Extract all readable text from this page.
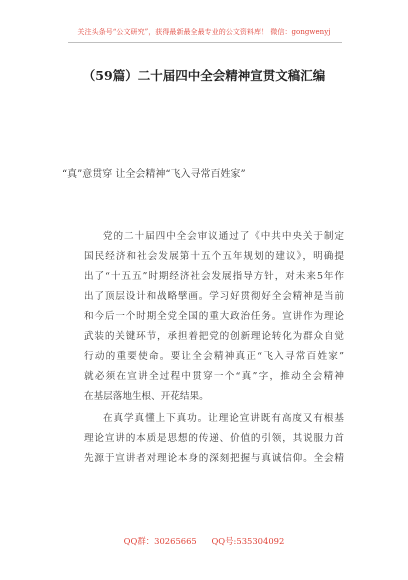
关注头条号“公文研究”，获得最新最全最专业的公文资料库！ 微信：gongwenyj
（59篇）二十届四中全会精神宣贯文稿汇编
“真”意贯穿 让全会精神“飞入寻常百姓家”
党的二十届四中全会审议通过了《中共中央关于制定
国民经济和社会发展第十五个五年规划的建议》，明确提
出了“十五五”时期经济社会发展指导方针，对未来5年作
出了顶层设计和战略擘画。学习好贯彻好全会精神是当前
和今后一个时期全党全国的重大政治任务。宣讲作为理论
武装的关键环节，承担着把党的创新理论转化为群众自觉
行动的重要使命。要让全会精神真正“飞入寻常百姓家”
就必须在宣讲全过程中贯穿一个“真”字，推动全会精神
在基层落地生根、开花结果。
在真学真懂上下真功。让理论宣讲既有高度又有根基
理论宣讲的本质是思想的传递、价值的引领，其说服力首
先源于宣讲者对理论本身的深刻把握与真诚信仰。全会精
QQ群：30265665 QQ号:535304092
